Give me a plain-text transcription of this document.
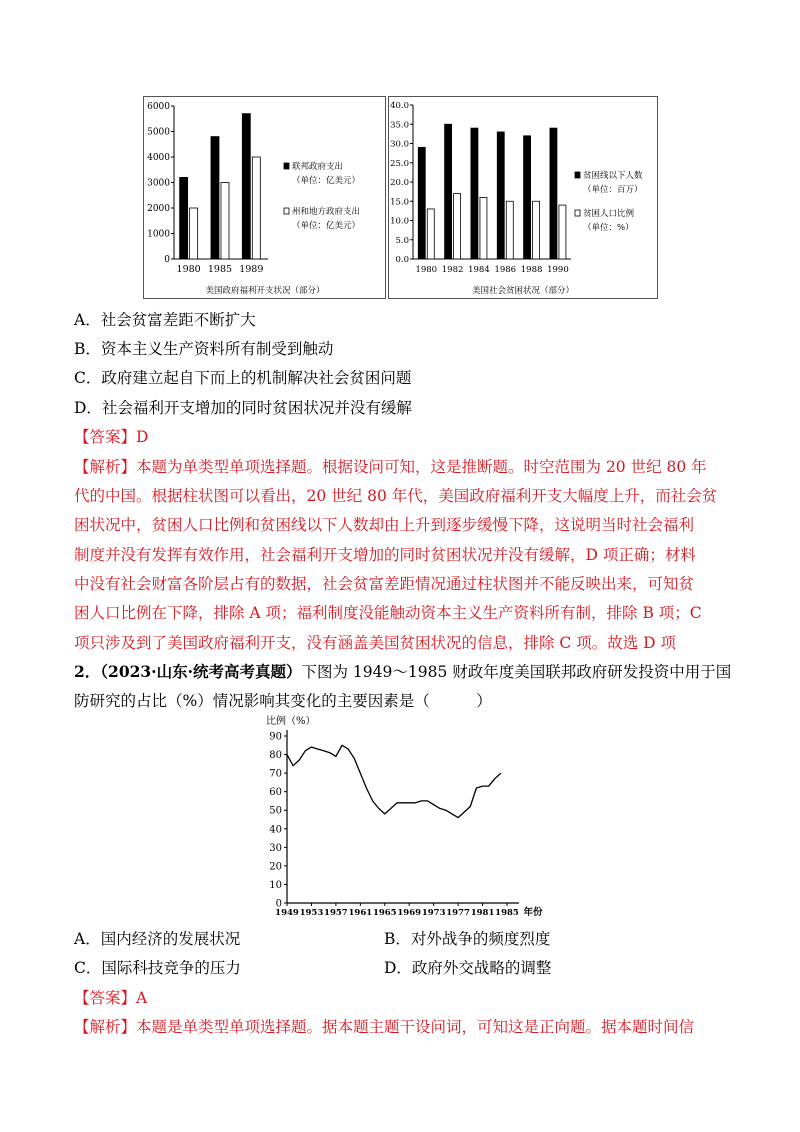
6000
5000
4000
3000
2000
1000
0
1980 1985 1989
联邦政府支出
（单位：亿美元）
州和地方政府支出
（单位：亿美元）
美国政府福利开支状况（部分）
40.0
35.0
30.0
25.0
20.0
15.0
10.0
5.0
0.0
1980 1982 1984 1986 1988 1990
贫困线以下人数
（单位：百万）
贫困人口比例
（单位：%）
美国社会贫困状况（部分）
A．社会贫富差距不断扩大
B．资本主义生产资料所有制受到触动
C．政府建立起自下而上的机制解决社会贫困问题
D．社会福利开支增加的同时贫困状况并没有缓解
【答案】D
【解析】本题为单类型单项选择题。根据设问可知，这是推断题。时空范围为 20 世纪 80 年
代的中国。根据柱状图可以看出，20 世纪 80 年代，美国政府福利开支大幅度上升，而社会贫
困状况中，贫困人口比例和贫困线以下人数却由上升到逐步缓慢下降，这说明当时社会福利
制度并没有发挥有效作用，社会福利开支增加的同时贫困状况并没有缓解，D 项正确；材料
中没有社会财富各阶层占有的数据，社会贫富差距情况通过柱状图并不能反映出来，可知贫
困人口比例在下降，排除 A 项；福利制度没能触动资本主义生产资料所有制，排除 B 项；C
项只涉及到了美国政府福利开支，没有涵盖美国贫困状况的信息，排除 C 项。故选 D 项
2．（2023·山东·统考高考真题）下图为 1949～1985 财政年度美国联邦政府研发投资中用于国
防研究的占比（%）情况影响其变化的主要因素是（　　　）
比例（%）
90
80
70
60
50
40
30
20
10
0
1949 1953 1957 1961 1965 1969 1973 1977 1981 1985 年份
A．国内经济的发展状况	B．对外战争的频度烈度
C．国际科技竞争的压力	D．政府外交战略的调整
【答案】A
【解析】本题是单类型单项选择题。据本题主题干设问词，可知这是正向题。据本题时间信
